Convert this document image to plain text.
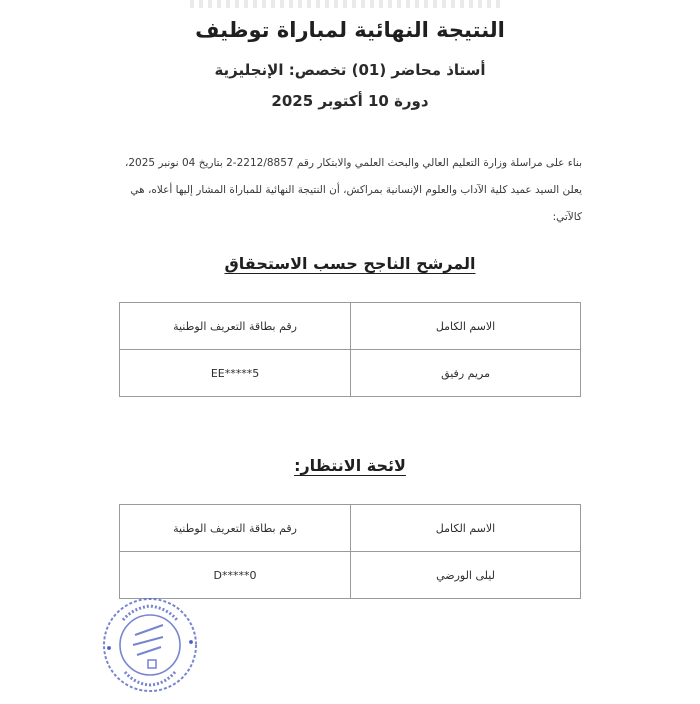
النتيجة النهائية لمباراة توظيف
أستاذ محاضر (01) تخصص: الإنجليزية
دورة 10 أكتوبر 2025
بناء على مراسلة وزارة التعليم العالي والبحث العلمي والابتكار رقم 2212/8857-2 بتاريخ 04 نونبر 2025، يعلن السيد عميد كلية الآداب والعلوم الإنسانية بمراكش، أن النتيجة النهائية للمباراة المشار إليها أعلاه، هي كالآتي:
المرشح الناجح حسب الاستحقاق
الاسم الكامل	رقم بطاقة التعريف الوطنية
مريم رفيق	EE*****5
لائحة الانتظار:
الاسم الكامل	رقم بطاقة التعريف الوطنية
ليلى الورضي	D*****0
